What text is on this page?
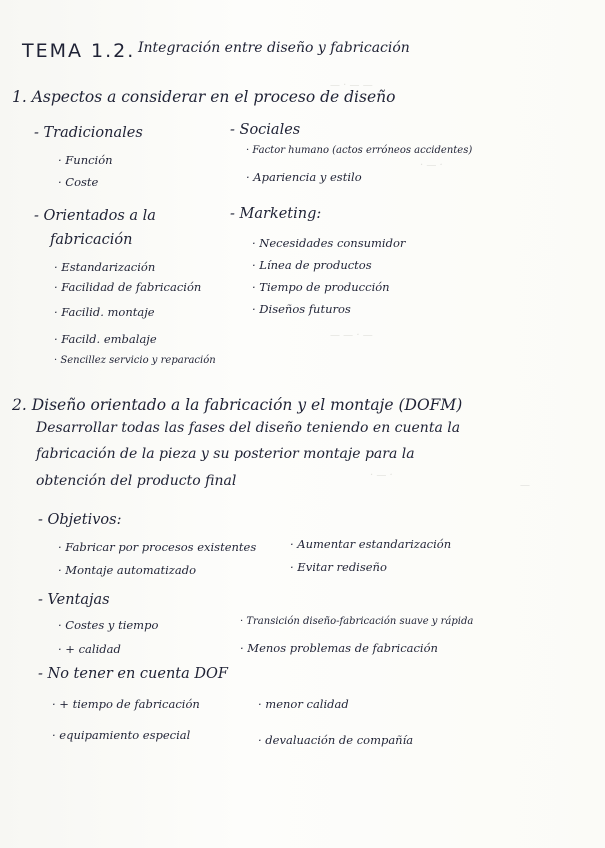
— · — —
· — ·
— — · —
· — ·
—
TEMA 1.2. Integración entre diseño y fabricación
1. Aspectos a considerar en el proceso de diseño
- Tradicionales
· Función
· Coste
- Sociales
· Factor humano (actos erróneos accidentes)
· Apariencia y estilo
- Orientados a la
fabricación
· Estandarización
· Facilidad de fabricación
· Facilid. montaje
· Facild. embalaje
· Sencillez servicio y reparación
- Marketing:
· Necesidades consumidor
· Línea de productos
· Tiempo de producción
· Diseños futuros
2. Diseño orientado a la fabricación y el montaje (DOFM)
Desarrollar todas las fases del diseño teniendo en cuenta la
fabricación de la pieza y su posterior montaje para la
obtención del producto final
- Objetivos:
· Fabricar por procesos existentes
· Montaje automatizado
· Aumentar estandarización
· Evitar rediseño
- Ventajas
· Costes y tiempo
· + calidad
· Transición diseño-fabricación suave y rápida
· Menos problemas de fabricación
- No tener en cuenta DOF
· + tiempo de fabricación
· equipamiento especial
· menor calidad
· devaluación de compañía
